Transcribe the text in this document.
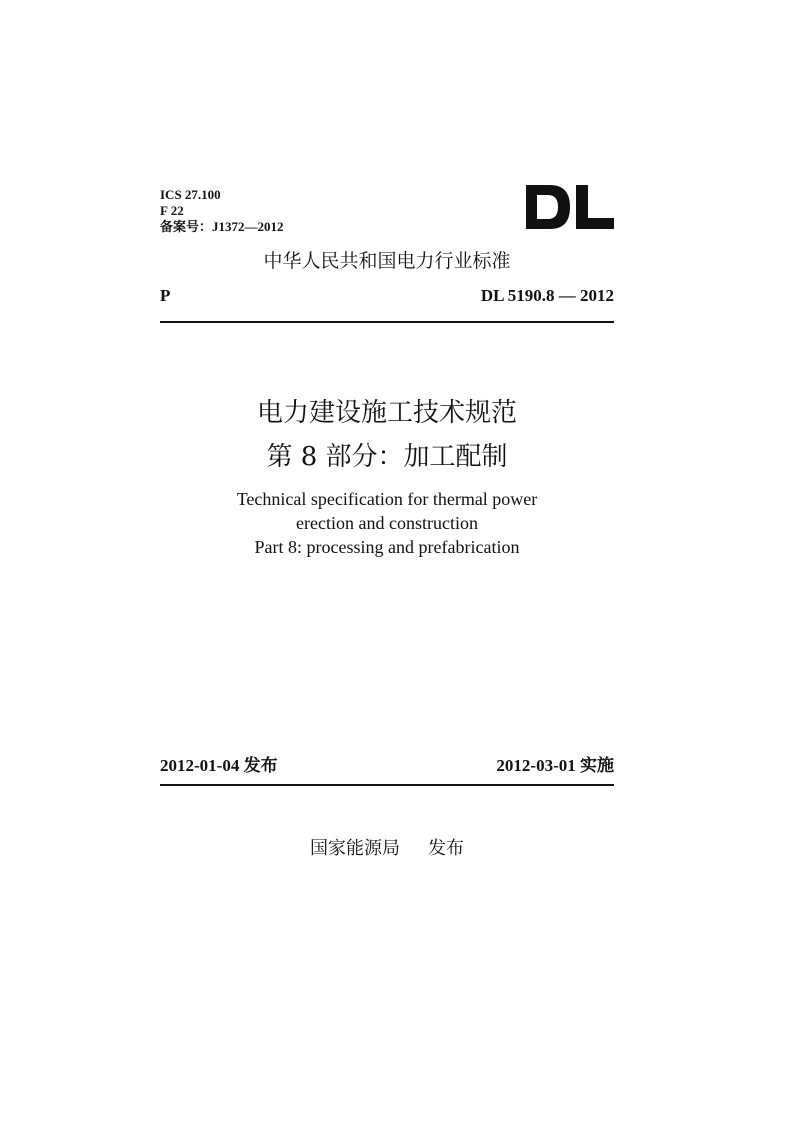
ICS 27.100
F 22
备案号：J1372—2012
中华人民共和国电力行业标准
P	DL 5190.8 — 2012
电力建设施工技术规范
第 8 部分：加工配制
Technical specification for thermal power
erection and construction
Part 8: processing and prefabrication
2012-01-04 发布	2012-03-01 实施
国家能源局 发布
